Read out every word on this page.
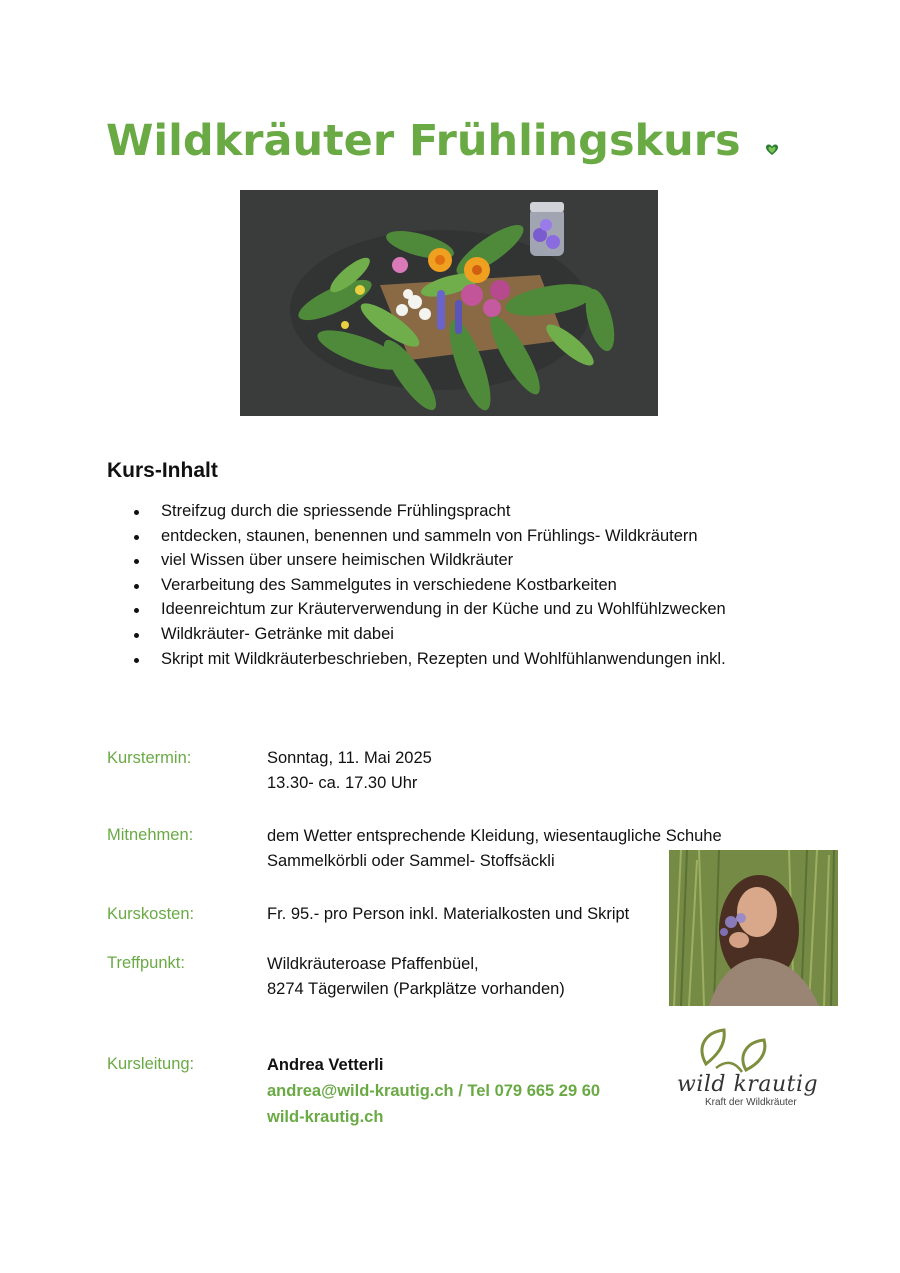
Wildkräuter Frühlingskurs
Kurs-Inhalt
Streifzug durch die spriessende Frühlingspracht
entdecken, staunen, benennen und sammeln von Frühlings- Wildkräutern
viel Wissen über unsere heimischen Wildkräuter
Verarbeitung des Sammelgutes in verschiedene Kostbarkeiten
Ideenreichtum zur Kräuterverwendung in der Küche und zu Wohlfühlzwecken
Wildkräuter- Getränke mit dabei
Skript mit Wildkräuterbeschrieben, Rezepten und Wohlfühlanwendungen inkl.
Kurstermin:	Sonntag, 11. Mai 2025
13.30- ca. 17.30 Uhr
Mitnehmen:	dem Wetter entsprechende Kleidung, wiesentaugliche Schuhe
Sammelkörbli oder Sammel- Stoffsäckli
Kurskosten:	Fr. 95.- pro Person inkl. Materialkosten und Skript
Treffpunkt:	Wildkräuteroase Pfaffenbüel,
8274 Tägerwilen (Parkplätze vorhanden)
Kursleitung:	Andrea Vetterli
andrea@wild-krautig.ch / Tel 079 665 29 60
wild-krautig.ch
wild krautig
Kraft der Wildkräuter
